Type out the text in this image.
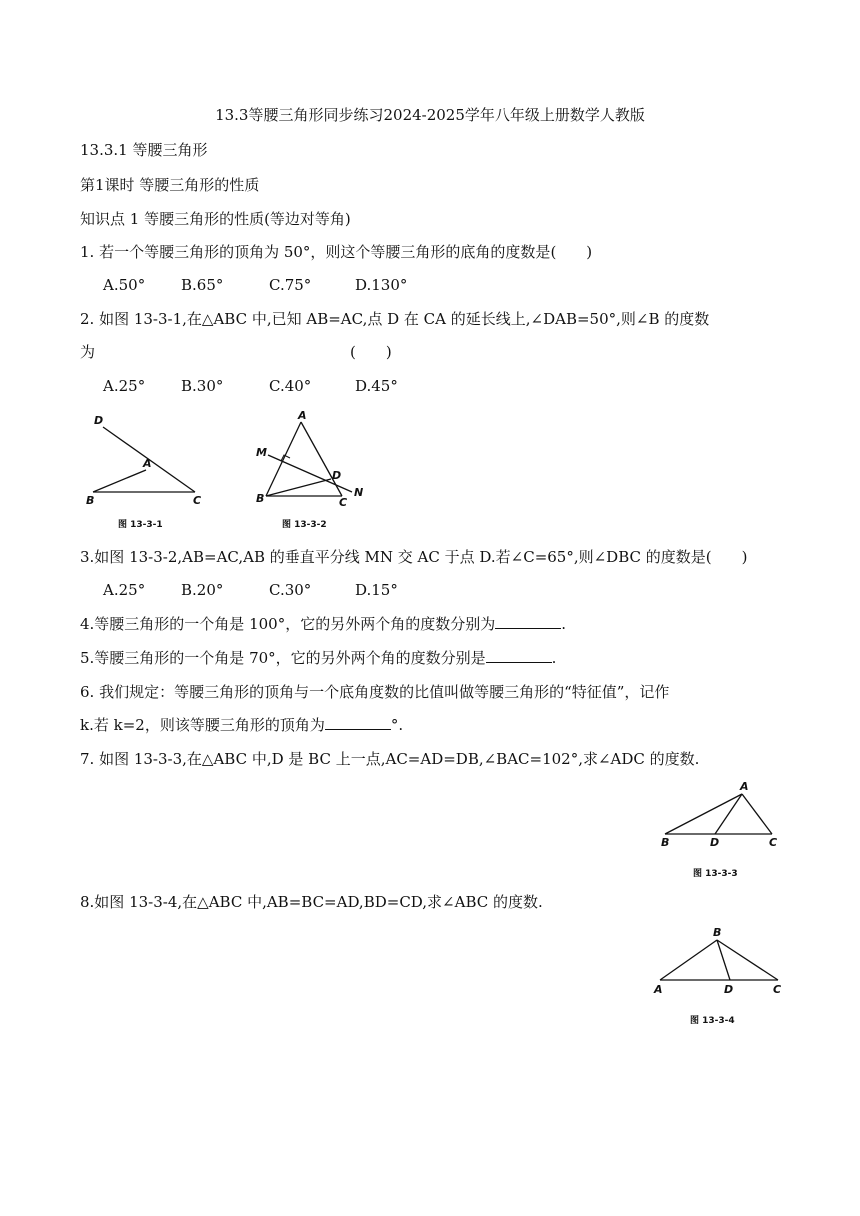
13.3等腰三角形同步练习2024-2025学年八年级上册数学人教版
13.3.1 等腰三角形
第1课时 等腰三角形的性质
知识点 1 等腰三角形的性质(等边对等角)
1. 若一个等腰三角形的顶角为 50°，则这个等腰三角形的底角的度数是(　　)
A.50° B.65°	C.75°	D.130°
2. 如图 13-3-1,在△ABC 中,已知 AB=AC,点 D 在 CA 的延长线上,∠DAB=50°,则∠B 的度数
为	(　　)
A.25° B.30°	C.40°	D.45°
D
A
B	C
图 13-3-1
A
M
D
B	C
N
图 13-3-2
3.如图 13-3-2,AB=AC,AB 的垂直平分线 MN 交 AC 于点 D.若∠C=65°,则∠DBC 的度数是(　　)
A.25° B.20°	C.30°	D.15°
4.等腰三角形的一个角是 100°，它的另外两个角的度数分别为	.
5.等腰三角形的一个角是 70°，它的另外两个角的度数分别是	.
6. 我们规定：等腰三角形的顶角与一个底角度数的比值叫做等腰三角形的“特征值”，记作
k.若 k=2，则该等腰三角形的顶角为	°.
7. 如图 13-3-3,在△ABC 中,D 是 BC 上一点,AC=AD=DB,∠BAC=102°,求∠ADC 的度数.
A
B	D	C
图 13-3-3
8.如图 13-3-4,在△ABC 中,AB=BC=AD,BD=CD,求∠ABC 的度数.
B
A	D	C
图 13-3-4
